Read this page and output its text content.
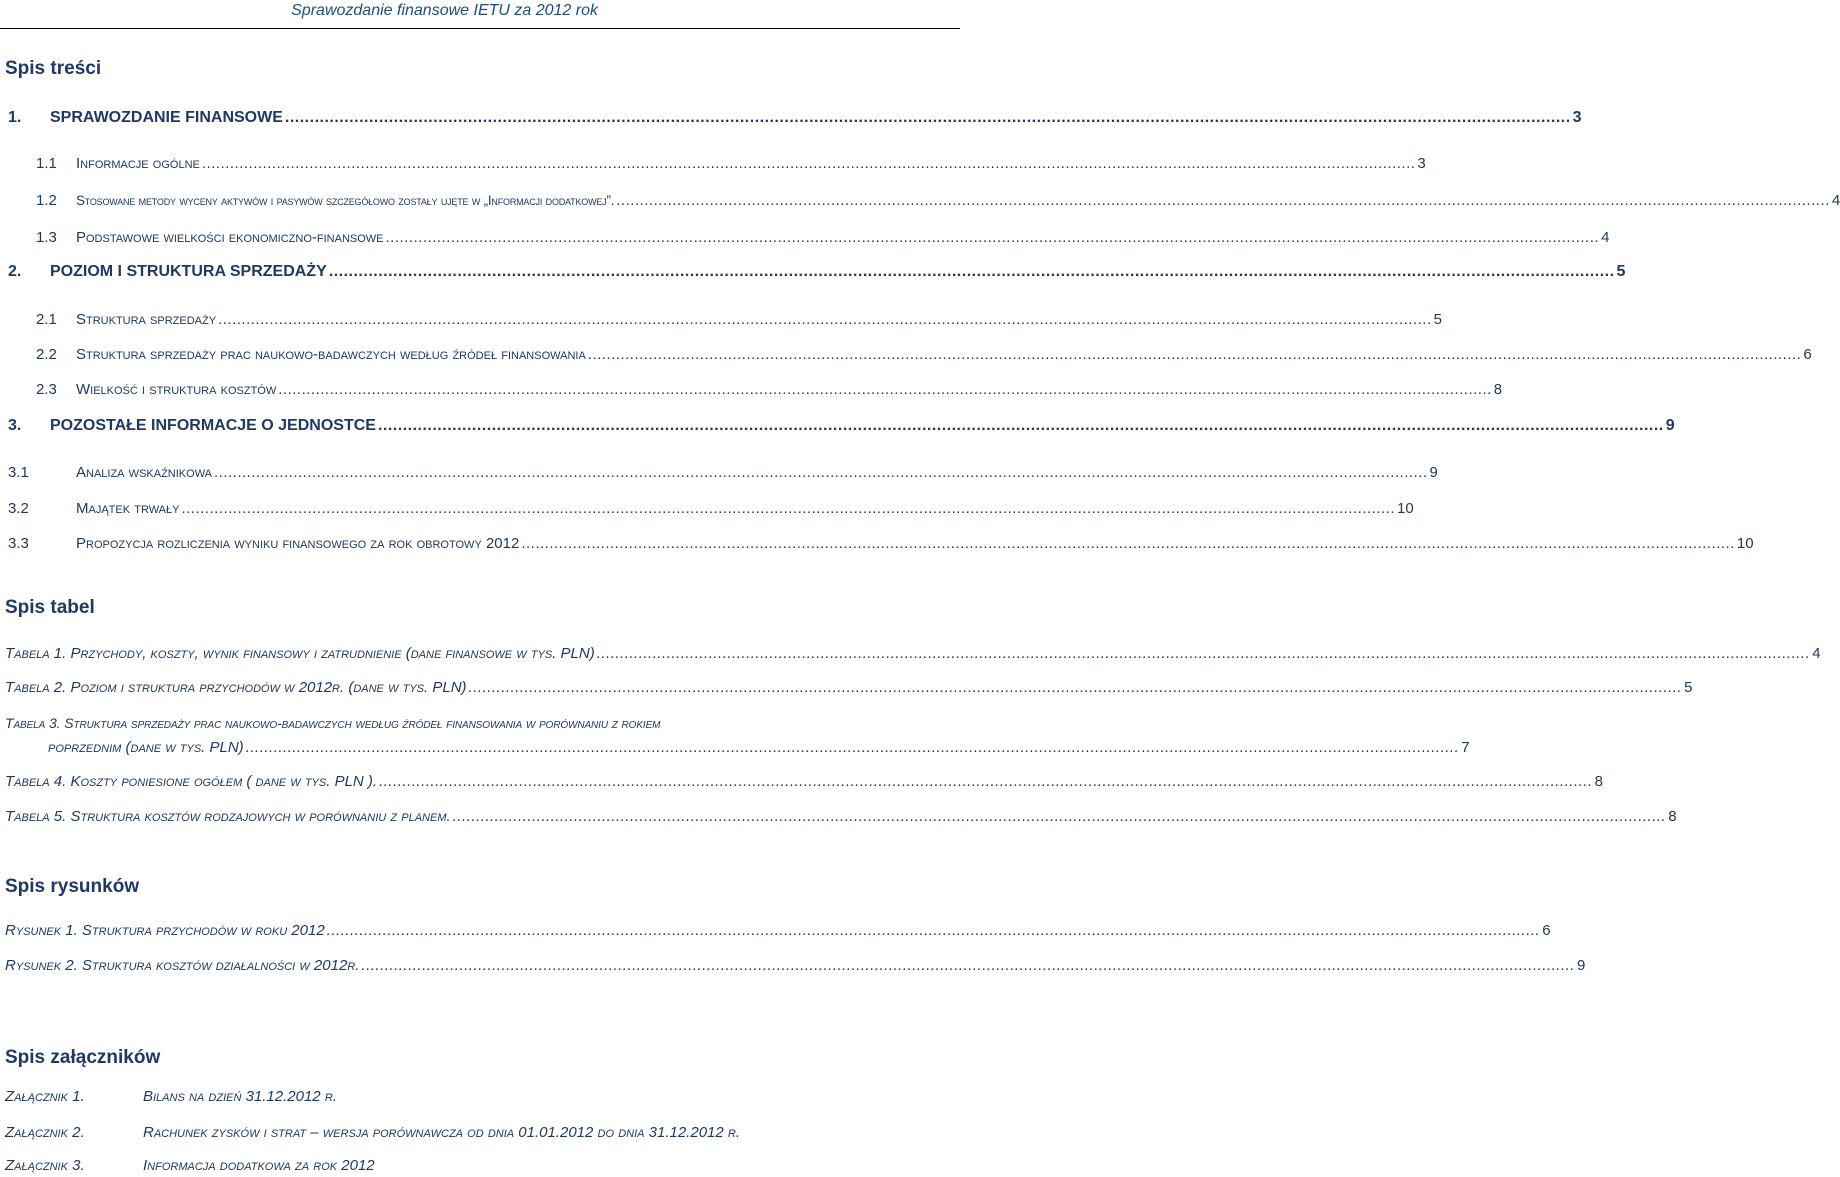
Sprawozdanie finansowe IETU za 2012 rok
Spis treści
1.	SPRAWOZDANIE FINANSOWE .....	3
1.1	Informacje ogólne .....	3
1.2	Stosowane metody wyceny aktywów i pasywów szczegółowo zostały ujęte w „Informacji dodatkowej”. .....	4
1.3	Podstawowe wielkości ekonomiczno-finansowe .....	4
2.	POZIOM I STRUKTURA SPRZEDAŻY .....	5
2.1	Struktura sprzedaży .....	5
2.2	Struktura sprzedaży prac naukowo-badawczych według źródeł finansowania .....	6
2.3	Wielkość i struktura kosztów .....	8
3.	POZOSTAŁE INFORMACJE O JEDNOSTCE .....	9
3.1	Analiza wskaźnikowa .....	9
3.2	Majątek trwały .....	10
3.3	Propozycja rozliczenia wyniku finansowego za rok obrotowy 2012 .....	10
Spis tabel
Tabela 1. Przychody, koszty, wynik finansowy i zatrudnienie (dane finansowe w tys. PLN) .....	4
Tabela 2. Poziom i struktura przychodów w 2012r. (dane w tys. PLN) .....	5
Tabela 3. Struktura sprzedaży prac naukowo-badawczych według źródeł finansowania w porównaniu z rokiem
poprzednim (dane w tys. PLN) .....	7
Tabela 4. Koszty poniesione ogółem ( dane w tys. PLN ). .....	8
Tabela 5. Struktura kosztów rodzajowych w porównaniu z planem. .....	8
Spis rysunków
Rysunek 1. Struktura przychodów w roku 2012 .....	6
Rysunek 2. Struktura kosztów działalności w 2012r. .....	9
Spis załączników
Załącznik 1.	Bilans na dzień 31.12.2012 r.
Załącznik 2.	Rachunek zysków i strat – wersja porównawcza od dnia 01.01.2012 do dnia 31.12.2012 r.
Załącznik 3.	Informacja dodatkowa za rok 2012
